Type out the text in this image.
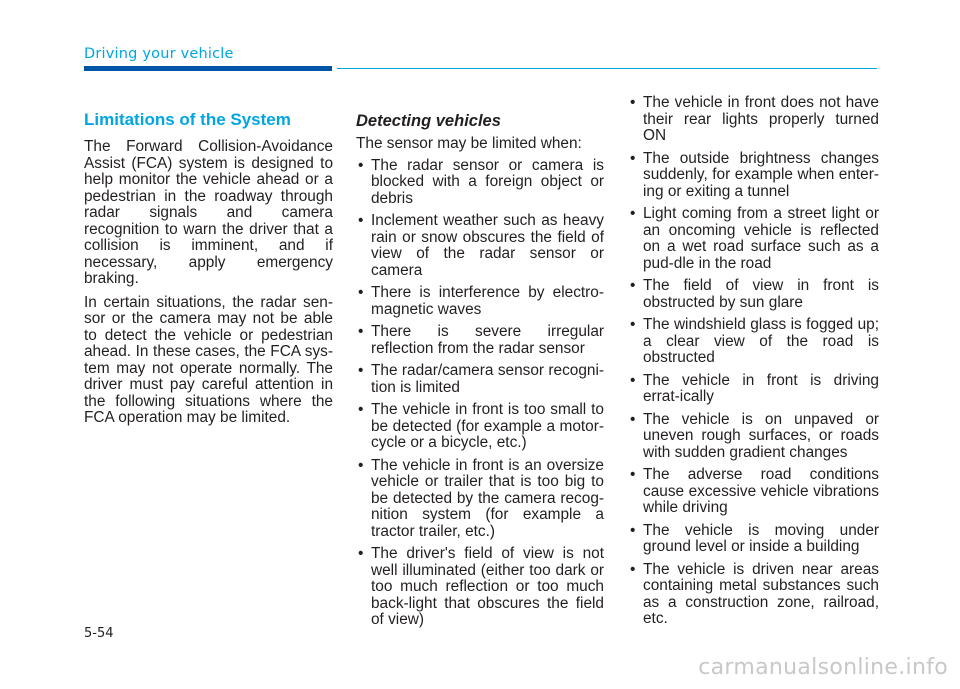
Driving your vehicle
Limitations of the System

The Forward Collision-Avoidance Assist (FCA) system is designed to help monitor the vehicle ahead or a pedestrian in the roadway through radar signals and camera recognition to warn the driver that a collision is imminent, and if necessary, apply emergency braking.

In certain situations, the radar sen-sor or the camera may not be able to detect the vehicle or pedestrian ahead. In these cases, the FCA sys-tem may not operate normally. The driver must pay careful attention in the following situations where the FCA operation may be limited.

Detecting vehicles

The sensor may be limited when:

• The radar sensor or camera is blocked with a foreign object or debris
• Inclement weather such as heavy rain or snow obscures the field of view of the radar sensor or camera
• There is interference by electro-magnetic waves
• There is severe irregular reflection from the radar sensor
• The radar/camera sensor recogni-tion is limited
• The vehicle in front is too small to be detected (for example a motor-cycle or a bicycle, etc.)
• The vehicle in front is an oversize vehicle or trailer that is too big to be detected by the camera recog-nition system (for example a tractor trailer, etc.)
• The driver's field of view is not well illuminated (either too dark or too much reflection or too much back-light that obscures the field of view)
• The vehicle in front does not have their rear lights properly turned ON
• The outside brightness changes suddenly, for example when enter-ing or exiting a tunnel
• Light coming from a street light or an oncoming vehicle is reflected on a wet road surface such as a pud-dle in the road
• The field of view in front is obstructed by sun glare
• The windshield glass is fogged up; a clear view of the road is obstructed
• The vehicle in front is driving errat-ically
• The vehicle is on unpaved or uneven rough surfaces, or roads with sudden gradient changes
• The adverse road conditions cause excessive vehicle vibrations while driving
• The vehicle is moving under ground level or inside a building
• The vehicle is driven near areas containing metal substances such as a construction zone, railroad, etc.
5-54
carmanualsonline.info
